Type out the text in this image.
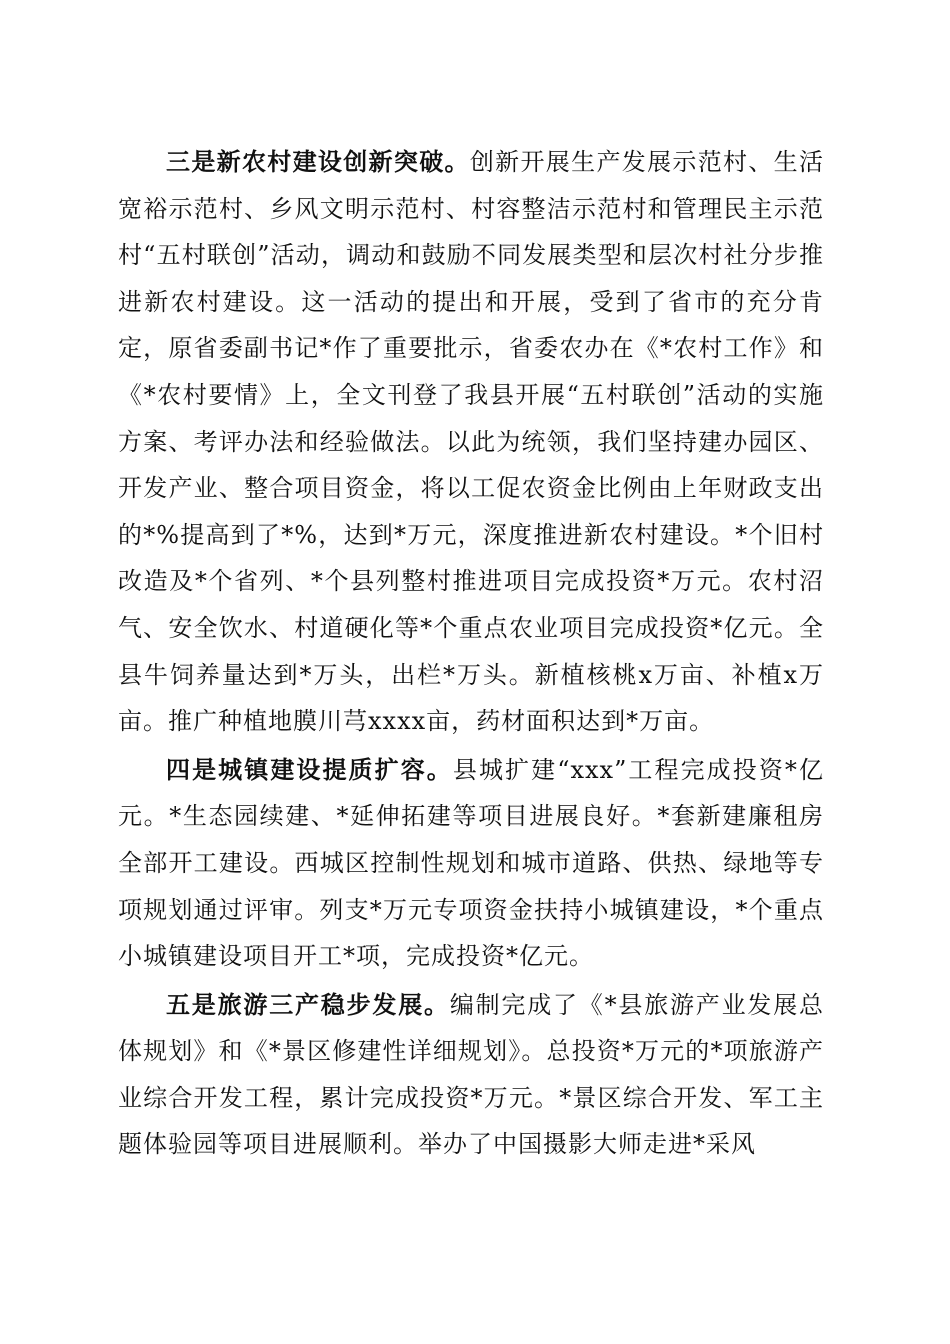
三是新农村建设创新突破。创新开展生产发展示范村、生活宽裕示范村、乡风文明示范村、村容整洁示范村和管理民主示范村“五村联创”活动，调动和鼓励不同发展类型和层次村社分步推进新农村建设。这一活动的提出和开展，受到了省市的充分肯定，原省委副书记*作了重要批示，省委农办在《*农村工作》和《*农村要情》上，全文刊登了我县开展“五村联创”活动的实施方案、考评办法和经验做法。以此为统领，我们坚持建办园区、开发产业、整合项目资金，将以工促农资金比例由上年财政支出的*%提高到了*%，达到*万元，深度推进新农村建设。*个旧村改造及*个省列、*个县列整村推进项目完成投资*万元。农村沼气、安全饮水、村道硬化等*个重点农业项目完成投资*亿元。全县牛饲养量达到*万头，出栏*万头。新植核桃x万亩、补植x万亩。推广种植地膜川芎xxxx亩，药材面积达到*万亩。

四是城镇建设提质扩容。县城扩建“xxx”工程完成投资*亿元。*生态园续建、*延伸拓建等项目进展良好。*套新建廉租房全部开工建设。西城区控制性规划和城市道路、供热、绿地等专项规划通过评审。列支*万元专项资金扶持小城镇建设，*个重点小城镇建设项目开工*项，完成投资*亿元。

五是旅游三产稳步发展。编制完成了《*县旅游产业发展总体规划》和《*景区修建性详细规划》。总投资*万元的*项旅游产业综合开发工程，累计完成投资*万元。*景区综合开发、军工主题体验园等项目进展顺利。举办了中国摄影大师走进*采风
